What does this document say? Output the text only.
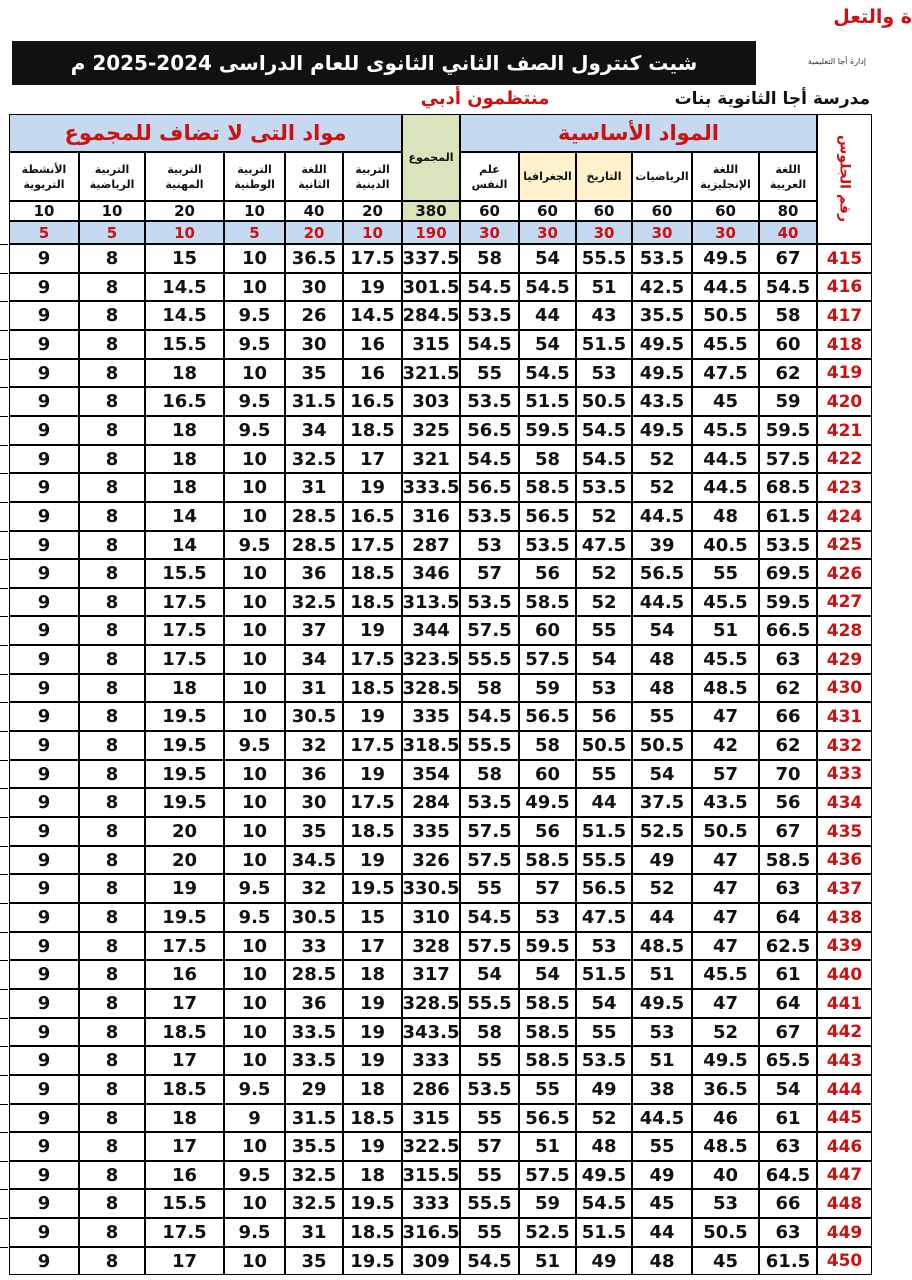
ة والتعل
إدارة أجا التعليمية
شيت كنترول الصف الثاني الثانوى للعام الدراسى 2024-2025 م
مدرسة أجا الثانوية بنات
منتظمون أدبي
رقم الجلوس
المواد الأساسية
مواد التى لا تضاف للمجموع
المجموع
380
190
اللغة العربية
80
40
اللغة الإنجليزية
60
30
الرياضيات
60
30
التاريخ
60
30
الجغرافيا
60
30
علم النفس
60
30
التربية الدينية
20
10
اللغة الثانية
40
20
التربية الوطنية
10
5
التربية المهنية
20
10
التربية الرياضية
10
5
الأنشطة التربوية
10
5
415
67
49.5
53.5
55.5
54
58
337.5
17.5
36.5
10
15
8
9
416
54.5
44.5
42.5
51
54.5
54.5
301.5
19
30
10
14.5
8
9
417
58
50.5
35.5
43
44
53.5
284.5
14.5
26
9.5
14.5
8
9
418
60
45.5
49.5
51.5
54
54.5
315
16
30
9.5
15.5
8
9
419
62
47.5
49.5
53
54.5
55
321.5
16
35
10
18
8
9
420
59
45
43.5
50.5
51.5
53.5
303
16.5
31.5
9.5
16.5
8
9
421
59.5
45.5
49.5
54.5
59.5
56.5
325
18.5
34
9.5
18
8
9
422
57.5
44.5
52
54.5
58
54.5
321
17
32.5
10
18
8
9
423
68.5
44.5
52
53.5
58.5
56.5
333.5
19
31
10
18
8
9
424
61.5
48
44.5
52
56.5
53.5
316
16.5
28.5
10
14
8
9
425
53.5
40.5
39
47.5
53.5
53
287
17.5
28.5
9.5
14
8
9
426
69.5
55
56.5
52
56
57
346
18.5
36
10
15.5
8
9
427
59.5
45.5
44.5
52
58.5
53.5
313.5
18.5
32.5
10
17.5
8
9
428
66.5
51
54
55
60
57.5
344
19
37
10
17.5
8
9
429
63
45.5
48
54
57.5
55.5
323.5
17.5
34
10
17.5
8
9
430
62
48.5
48
53
59
58
328.5
18.5
31
10
18
8
9
431
66
47
55
56
56.5
54.5
335
19
30.5
10
19.5
8
9
432
62
42
50.5
50.5
58
55.5
318.5
17.5
32
9.5
19.5
8
9
433
70
57
54
55
60
58
354
19
36
10
19.5
8
9
434
56
43.5
37.5
44
49.5
53.5
284
17.5
30
10
19.5
8
9
435
67
50.5
52.5
51.5
56
57.5
335
18.5
35
10
20
8
9
436
58.5
47
49
55.5
58.5
57.5
326
19
34.5
10
20
8
9
437
63
47
52
56.5
57
55
330.5
19.5
32
9.5
19
8
9
438
64
47
44
47.5
53
54.5
310
15
30.5
9.5
19.5
8
9
439
62.5
47
48.5
53
59.5
57.5
328
17
33
10
17.5
8
9
440
61
45.5
51
51.5
54
54
317
18
28.5
10
16
8
9
441
64
47
49.5
54
58.5
55.5
328.5
19
36
10
17
8
9
442
67
52
53
55
58.5
58
343.5
19
33.5
10
18.5
8
9
443
65.5
49.5
51
53.5
58.5
55
333
19
33.5
10
17
8
9
444
54
36.5
38
49
55
53.5
286
18
29
9.5
18.5
8
9
445
61
46
44.5
52
56.5
55
315
18.5
31.5
9
18
8
9
446
63
48.5
55
48
51
57
322.5
19
35.5
10
17
8
9
447
64.5
40
49
49.5
57.5
55
315.5
18
32.5
9.5
16
8
9
448
66
53
45
54.5
59
55.5
333
19.5
32.5
10
15.5
8
9
449
63
50.5
44
51.5
52.5
55
316.5
18.5
31
9.5
17.5
8
9
450
61.5
45
48
49
51
54.5
309
19.5
35
10
17
8
9
